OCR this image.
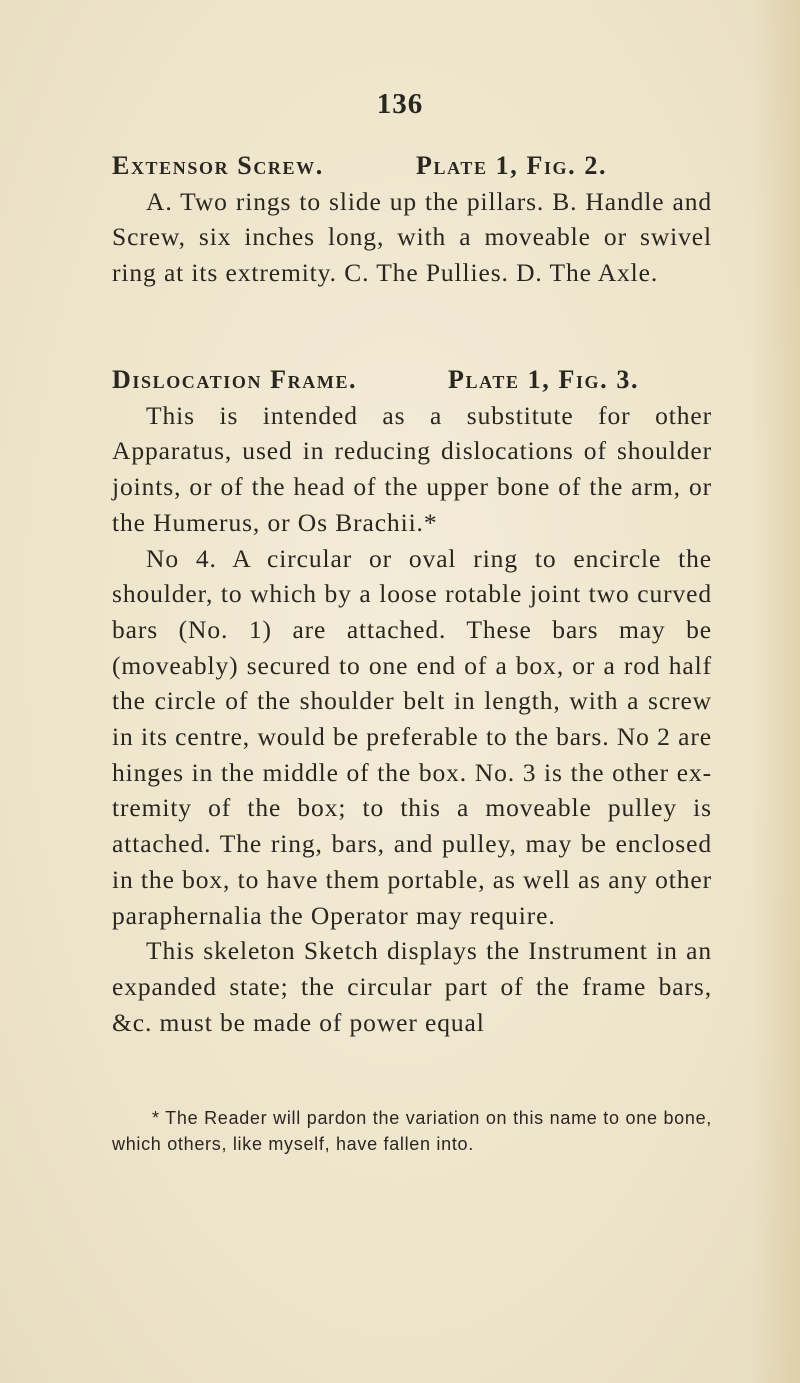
136
Extensor Screw.	Plate 1, Fig. 2.
A. Two rings to slide up the pillars. B. Handle and Screw, six inches long, with a moveable or swivel ring at its extremity. C. The Pullies. D. The Axle.
Dislocation Frame.	Plate 1, Fig. 3.
This is intended as a substitute for other Apparatus, used in reducing dislocations of shoulder joints, or of the head of the upper bone of the arm, or the Humerus, or Os Brachii.*
No 4. A circular or oval ring to encircle the shoulder, to which by a loose rotable joint two curved bars (No. 1) are attached. These bars may be (moveably) secured to one end of a box, or a rod half the circle of the shoulder belt in length, with a screw in its centre, would be preferable to the bars. No 2 are hinges in the middle of the box. No. 3 is the other ex-tremity of the box; to this a moveable pulley is attached. The ring, bars, and pulley, may be enclosed in the box, to have them portable, as well as any other paraphernalia the Operator may require.
This skeleton Sketch displays the Instrument in an expanded state; the circular part of the frame bars, &c. must be made of power equal
* The Reader will pardon the variation on this name to one bone, which others, like myself, have fallen into.
